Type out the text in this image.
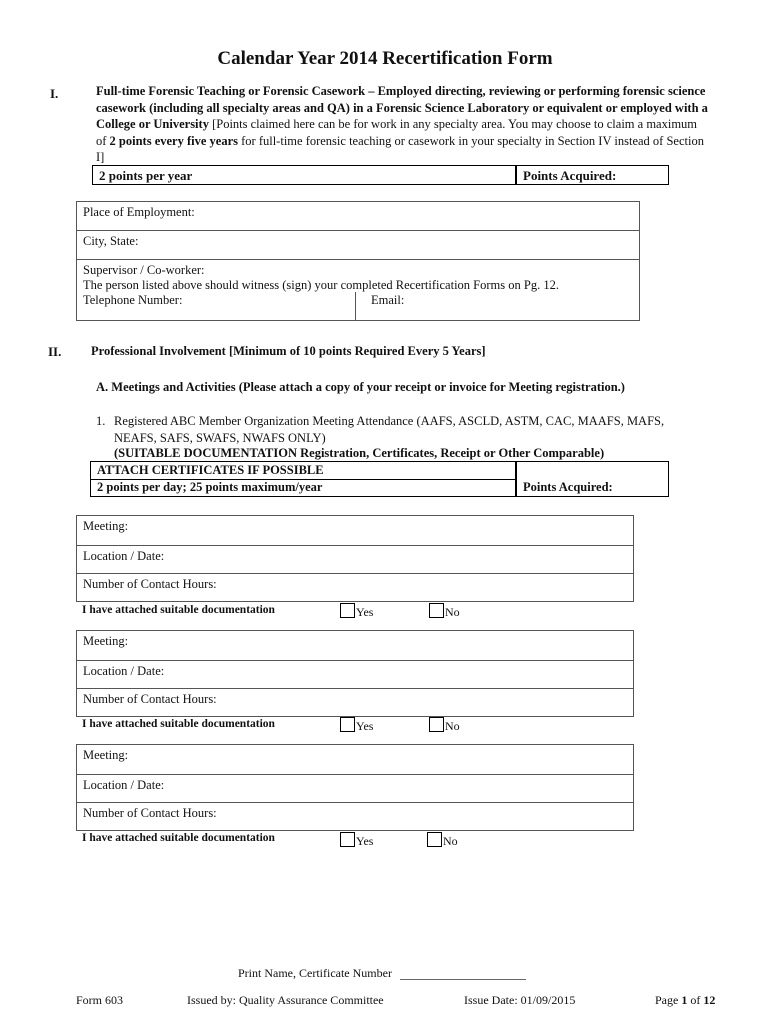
Calendar Year 2014 Recertification Form
I.	Full-time Forensic Teaching or Forensic Casework – Employed directing, reviewing or performing forensic science casework (including all specialty areas and QA) in a Forensic Science Laboratory or equivalent or employed with a College or University [Points claimed here can be for work in any specialty area. You may choose to claim a maximum of 2 points every five years for full-time forensic teaching or casework in your specialty in Section IV instead of Section I]
2 points per year	Points Acquired:
Place of Employment:
City, State:
Supervisor / Co-worker:
The person listed above should witness (sign) your completed Recertification Forms on Pg. 12.
Telephone Number:	Email:
II. Professional Involvement [Minimum of 10 points Required Every 5 Years]
A. Meetings and Activities (Please attach a copy of your receipt or invoice for Meeting registration.)
1. Registered ABC Member Organization Meeting Attendance (AAFS, ASCLD, ASTM, CAC, MAAFS, MAFS, NEAFS, SAFS, SWAFS, NWAFS ONLY)
(SUITABLE DOCUMENTATION Registration, Certificates, Receipt or Other Comparable)
ATTACH CERTIFICATES IF POSSIBLE
2 points per day; 25 points maximum/year	Points Acquired:
Meeting:
Location / Date:
Number of Contact Hours:
I have attached suitable documentation	Yes	No
Meeting:
Location / Date:
Number of Contact Hours:
I have attached suitable documentation	Yes	No
Meeting:
Location / Date:
Number of Contact Hours:
I have attached suitable documentation	Yes	No
Print Name, Certificate Number
Form 603	Issued by: Quality Assurance Committee	Issue Date: 01/09/2015	Page 1 of 12
